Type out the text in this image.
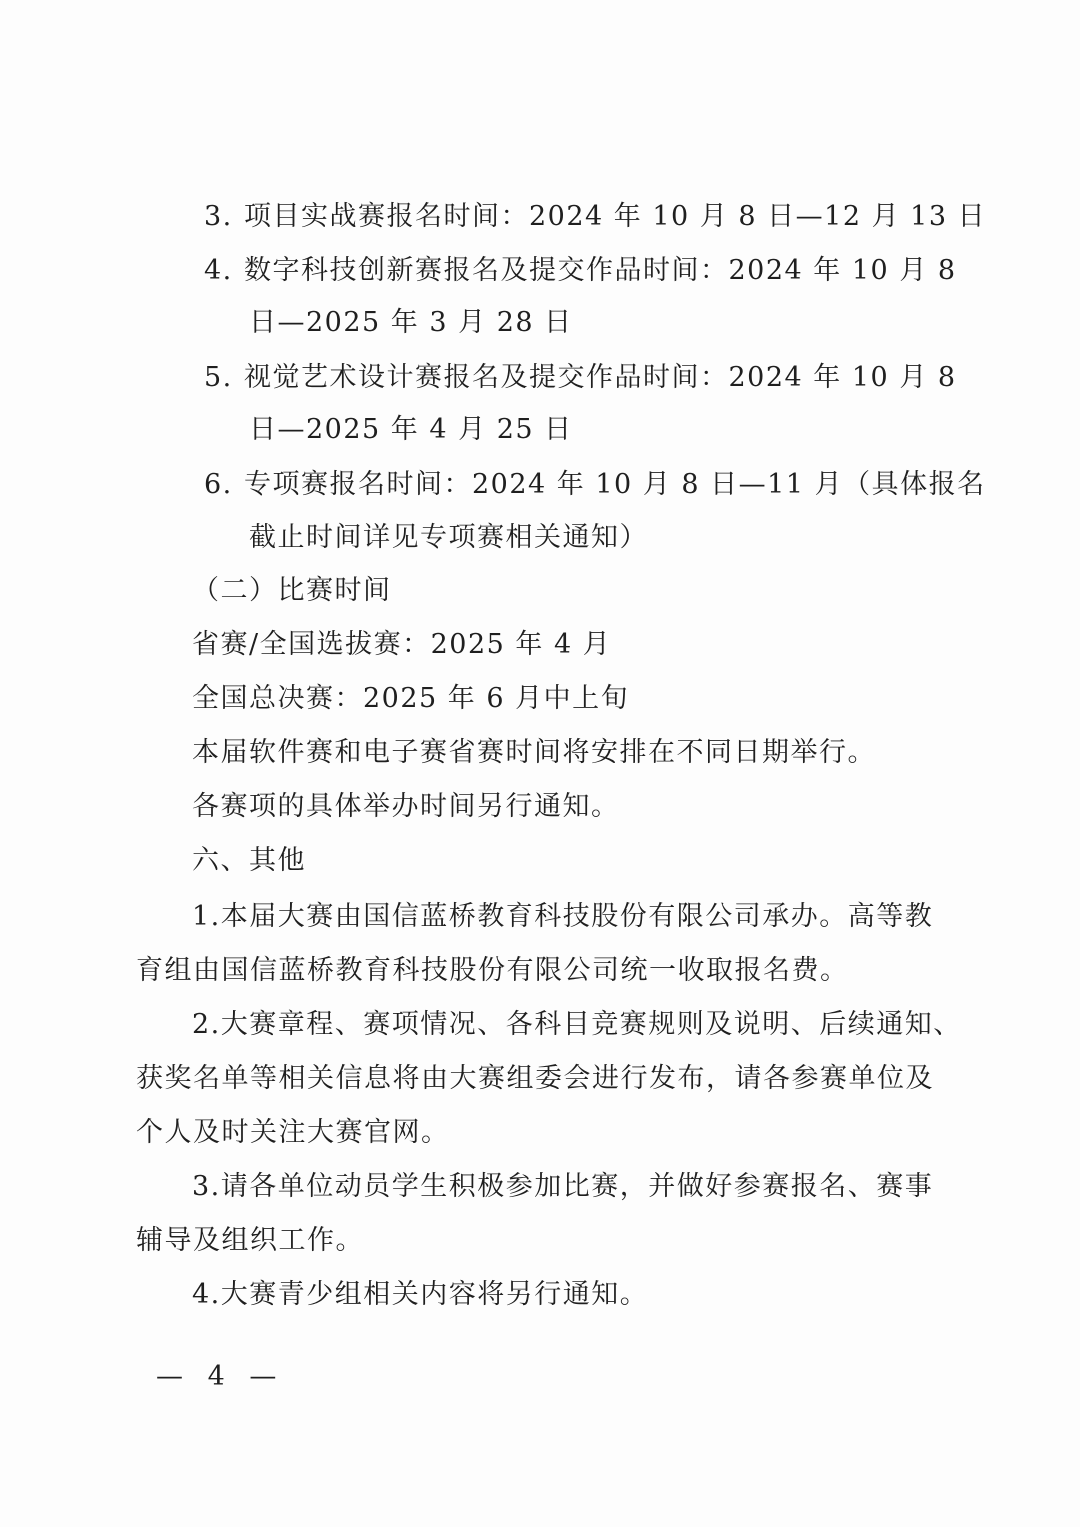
3. 项目实战赛报名时间：2024 年 10 月 8 日—12 月 13 日
4. 数字科技创新赛报名及提交作品时间：2024 年 10 月 8
日—2025 年 3 月 28 日
5. 视觉艺术设计赛报名及提交作品时间：2024 年 10 月 8
日—2025 年 4 月 25 日
6. 专项赛报名时间：2024 年 10 月 8 日—11 月（具体报名
截止时间详见专项赛相关通知）
（二）比赛时间
省赛/全国选拔赛：2025 年 4 月
全国总决赛：2025 年 6 月中上旬
本届软件赛和电子赛省赛时间将安排在不同日期举行。
各赛项的具体举办时间另行通知。
六、其他
1.本届大赛由国信蓝桥教育科技股份有限公司承办。高等教
育组由国信蓝桥教育科技股份有限公司统一收取报名费。
2.大赛章程、赛项情况、各科目竞赛规则及说明、后续通知、
获奖名单等相关信息将由大赛组委会进行发布，请各参赛单位及
个人及时关注大赛官网。
3.请各单位动员学生积极参加比赛，并做好参赛报名、赛事
辅导及组织工作。
4.大赛青少组相关内容将另行通知。
— 4 —
